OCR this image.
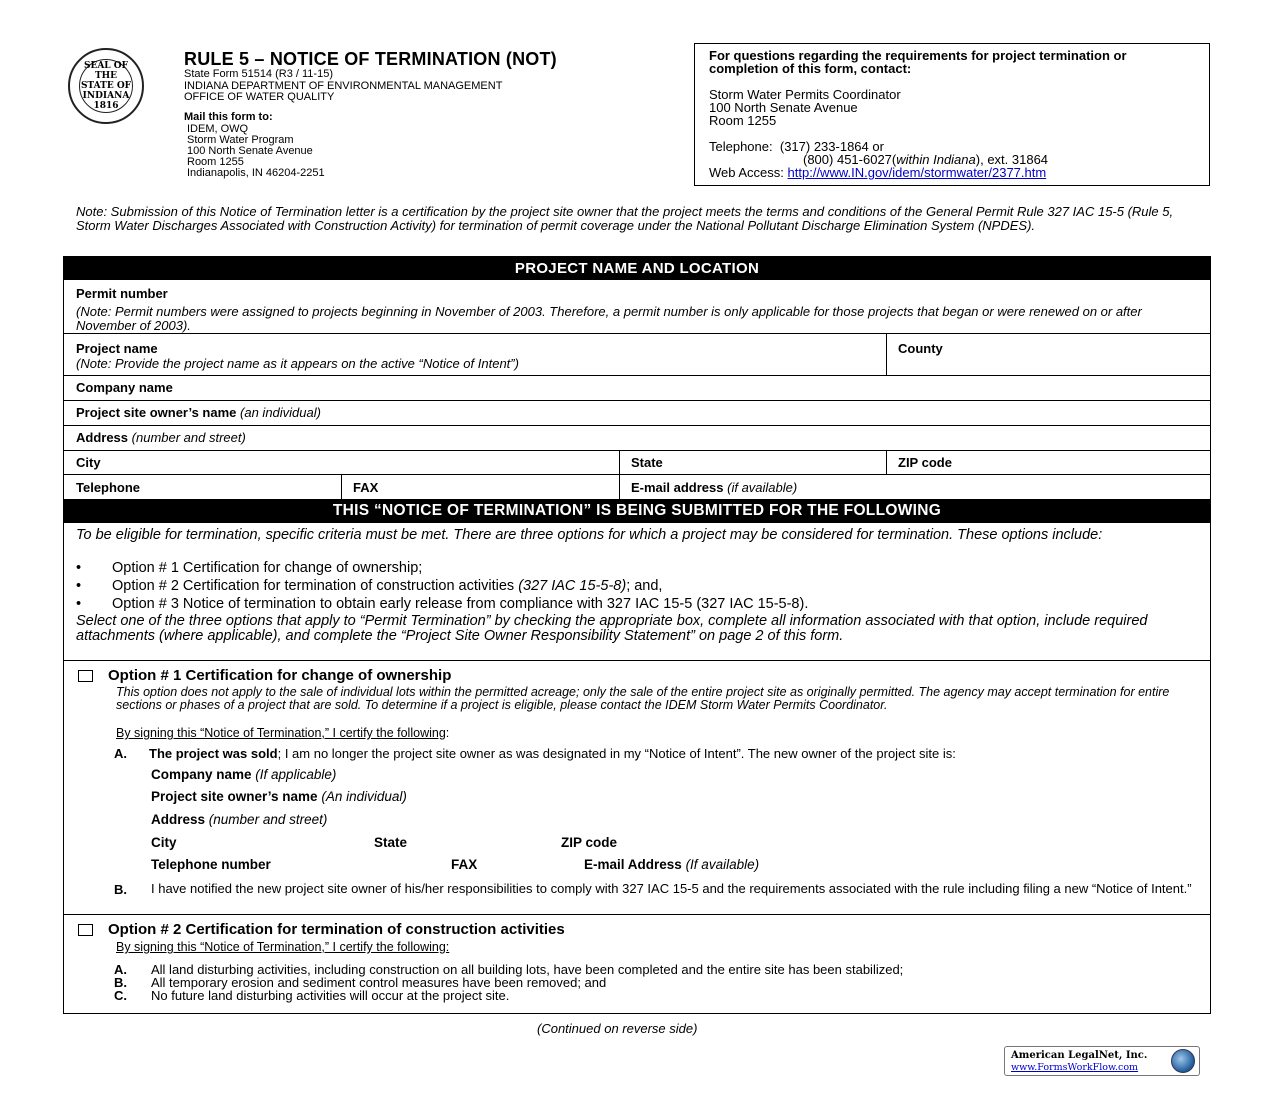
SEAL OF THE STATE OF INDIANA 1816
RULE 5 – NOTICE OF TERMINATION (NOT)
State Form 51514 (R3 / 11-15)
INDIANA DEPARTMENT OF ENVIRONMENTAL MANAGEMENT
OFFICE OF WATER QUALITY
Mail this form to:
IDEM, OWQ
Storm Water Program
100 North Senate Avenue
Room 1255
Indianapolis, IN 46204-2251
For questions regarding the requirements for project termination or completion of this form, contact:
Storm Water Permits Coordinator
100 North Senate Avenue
Room 1255
Telephone: (317) 233-1864 or
(800) 451-6027(within Indiana), ext. 31864
Web Access: http://www.IN.gov/idem/stormwater/2377.htm
Note: Submission of this Notice of Termination letter is a certification by the project site owner that the project meets the terms and conditions of the General Permit Rule 327 IAC 15-5 (Rule 5, Storm Water Discharges Associated with Construction Activity) for termination of permit coverage under the National Pollutant Discharge Elimination System (NPDES).
PROJECT NAME AND LOCATION
Permit number
(Note: Permit numbers were assigned to projects beginning in November of 2003. Therefore, a permit number is only applicable for those projects that began or were renewed on or after November of 2003).
Project name
(Note: Provide the project name as it appears on the active “Notice of Intent”)
County
Company name
Project site owner’s name (an individual)
Address (number and street)
City	State	ZIP code
Telephone	FAX	E-mail address (if available)
THIS “NOTICE OF TERMINATION” IS BEING SUBMITTED FOR THE FOLLOWING
To be eligible for termination, specific criteria must be met. There are three options for which a project may be considered for termination. These options include:
• Option # 1 Certification for change of ownership;
• Option # 2 Certification for termination of construction activities (327 IAC 15-5-8); and,
• Option # 3 Notice of termination to obtain early release from compliance with 327 IAC 15-5 (327 IAC 15-5-8).
Select one of the three options that apply to “Permit Termination” by checking the appropriate box, complete all information associated with that option, include required attachments (where applicable), and complete the “Project Site Owner Responsibility Statement” on page 2 of this form.
Option # 1 Certification for change of ownership
This option does not apply to the sale of individual lots within the permitted acreage; only the sale of the entire project site as originally permitted. The agency may accept termination for entire sections or phases of a project that are sold. To determine if a project is eligible, please contact the IDEM Storm Water Permits Coordinator.
By signing this “Notice of Termination,” I certify the following:
A. The project was sold; I am no longer the project site owner as was designated in my “Notice of Intent”. The new owner of the project site is:
Company name (If applicable)
Project site owner’s name (An individual)
Address (number and street)
City	State	ZIP code
Telephone number	FAX	E-mail Address (If available)
B. I have notified the new project site owner of his/her responsibilities to comply with 327 IAC 15-5 and the requirements associated with the rule including filing a new “Notice of Intent.”
Option # 2 Certification for termination of construction activities
By signing this “Notice of Termination,” I certify the following:
A. All land disturbing activities, including construction on all building lots, have been completed and the entire site has been stabilized;
B. All temporary erosion and sediment control measures have been removed; and
C. No future land disturbing activities will occur at the project site.
(Continued on reverse side)
American LegalNet, Inc.
www.FormsWorkFlow.com
